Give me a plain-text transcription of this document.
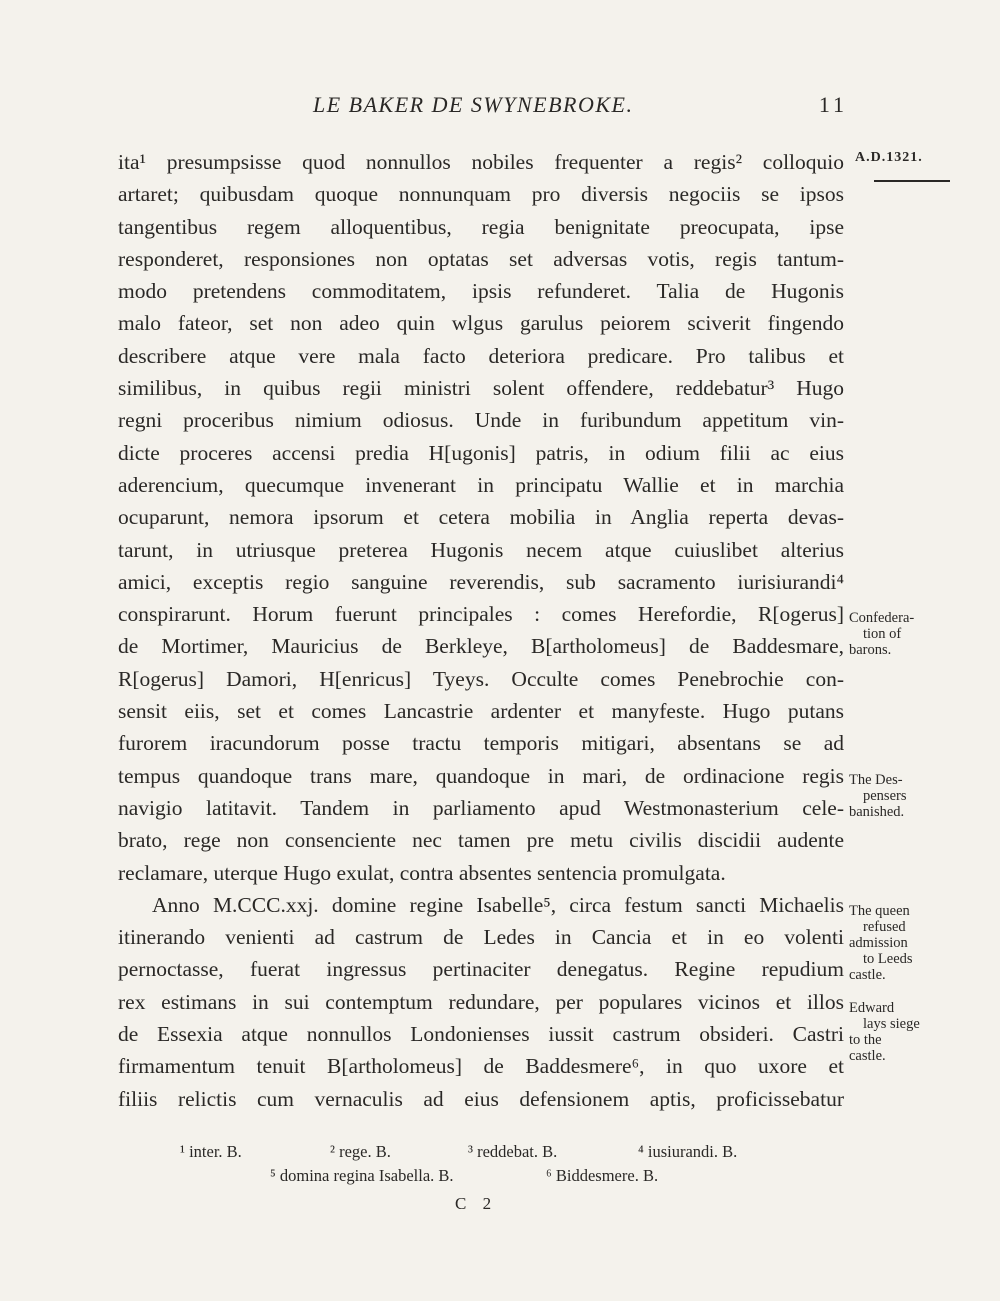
LE BAKER DE SWYNEBROKE.	11
A.D.1321.
Confedera-
tion of
barons.
The Des-
pensers
banished.
The queen
refused
admission
to Leeds
castle.
Edward
lays siege
to the
castle.
ita¹ presumpsisse quod nonnullos nobiles frequenter a regis² colloquio
artaret; quibusdam quoque nonnunquam pro diversis negociis se ipsos
tangentibus regem alloquentibus, regia benignitate preocupata, ipse
responderet, responsiones non optatas set adversas votis, regis tantum-
modo pretendens commoditatem, ipsis refunderet. Talia de Hugonis
malo fateor, set non adeo quin wlgus garulus peiorem sciverit fingendo
describere atque vere mala facto deteriora predicare. Pro talibus et
similibus, in quibus regii ministri solent offendere, reddebatur³ Hugo
regni proceribus nimium odiosus. Unde in furibundum appetitum vin-
dicte proceres accensi predia H[ugonis] patris, in odium filii ac eius
aderencium, quecumque invenerant in principatu Wallie et in marchia
ocuparunt, nemora ipsorum et cetera mobilia in Anglia reperta devas-
tarunt, in utriusque preterea Hugonis necem atque cuiuslibet alterius
amici, exceptis regio sanguine reverendis, sub sacramento iurisiurandi⁴
conspirarunt. Horum fuerunt principales : comes Herefordie, R[ogerus]
de Mortimer, Mauricius de Berkleye, B[artholomeus] de Baddesmare,
R[ogerus] Damori, H[enricus] Tyeys. Occulte comes Penebrochie con-
sensit eiis, set et comes Lancastrie ardenter et manyfeste. Hugo putans
furorem iracundorum posse tractu temporis mitigari, absentans se ad
tempus quandoque trans mare, quandoque in mari, de ordinacione regis
navigio latitavit. Tandem in parliamento apud Westmonasterium cele-
brato, rege non consenciente nec tamen pre metu civilis discidii audente
reclamare, uterque Hugo exulat, contra absentes sentencia promulgata.
Anno M.CCC.xxj. domine regine Isabelle⁵, circa festum sancti Michaelis
itinerando venienti ad castrum de Ledes in Cancia et in eo volenti
pernoctasse, fuerat ingressus pertinaciter denegatus. Regine repudium
rex estimans in sui contemptum redundare, per populares vicinos et illos
de Essexia atque nonnullos Londonienses iussit castrum obsideri. Castri
firmamentum tenuit B[artholomeus] de Baddesmere⁶, in quo uxore et
filiis relictis cum vernaculis ad eius defensionem aptis, proficissebatur
¹ inter. B.	² rege. B.	³ reddebat. B.	⁴ iusiurandi. B.
⁵ domina regina Isabella. B.	⁶ Biddesmere. B.
C 2
